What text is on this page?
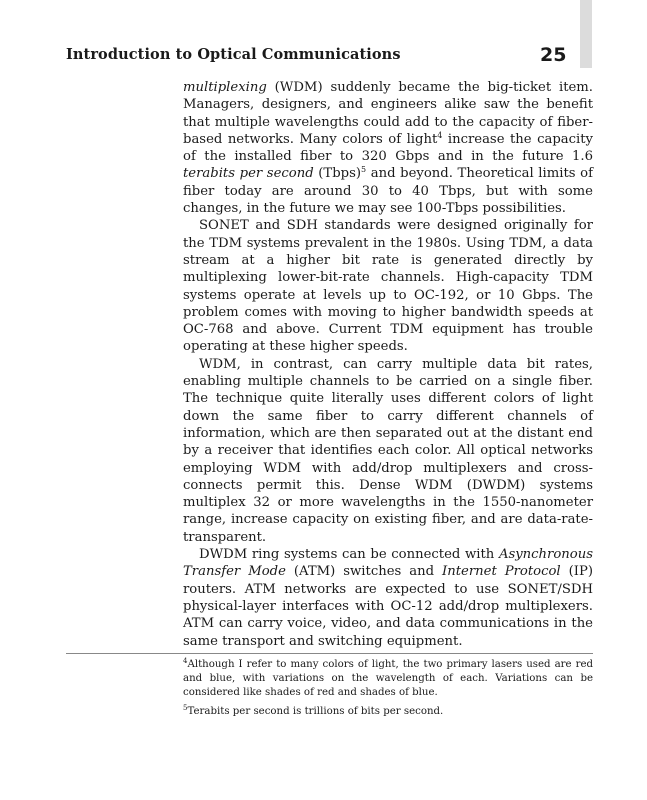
Introduction to Optical Communications	25

multiplexing (WDM) suddenly became the big-ticket item. Managers, designers, and engineers alike saw the benefit that multiple wavelengths could add to the capacity of fiber-based networks. Many colors of light$^4$ increase the capacity of the installed fiber to 320 Gbps and in the future 1.6 terabits per second (Tbps)$^5$ and beyond. Theoretical limits of fiber today are around 30 to 40 Tbps, but with some changes, in the future we may see 100-Tbps possibilities.

SONET and SDH standards were designed originally for the TDM systems prevalent in the 1980s. Using TDM, a data stream at a higher bit rate is generated directly by multiplexing lower-bit-rate channels. High-capacity TDM systems operate at levels up to OC-192, or 10 Gbps. The problem comes with moving to higher bandwidth speeds at OC-768 and above. Current TDM equipment has trouble operating at these higher speeds.

WDM, in contrast, can carry multiple data bit rates, enabling multiple channels to be carried on a single fiber. The technique quite literally uses different colors of light down the same fiber to carry different channels of information, which are then separated out at the distant end by a receiver that identifies each color. All optical networks employing WDM with add/drop multiplexers and cross-connects permit this. Dense WDM (DWDM) systems multiplex 32 or more wavelengths in the 1550-nanometer range, increase capacity on existing fiber, and are data-rate-transparent.

DWDM ring systems can be connected with Asynchronous Transfer Mode (ATM) switches and Internet Protocol (IP) routers. ATM networks are expected to use SONET/SDH physical-layer interfaces with OC-12 add/drop multiplexers. ATM can carry voice, video, and data communications in the same transport and switching equipment.

$^4$Although I refer to many colors of light, the two primary lasers used are red and blue, with variations on the wavelength of each. Variations can be considered like shades of red and shades of blue.

$^5$Terabits per second is trillions of bits per second.
